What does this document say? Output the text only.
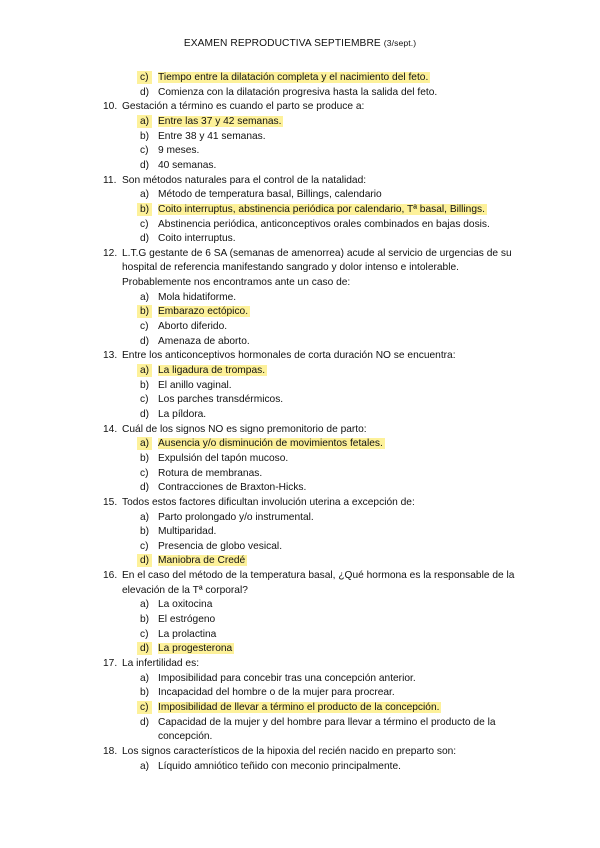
EXAMEN REPRODUCTIVA SEPTIEMBRE (3/sept.)
c) Tiempo entre la dilatación completa y el nacimiento del feto.
d) Comienza con la dilatación progresiva hasta la salida del feto.
10. Gestación a término es cuando el parto se produce a:
a) Entre las 37 y 42 semanas.
b) Entre 38 y 41 semanas.
c) 9 meses.
d) 40 semanas.
11. Son métodos naturales para el control de la natalidad:
a) Método de temperatura basal, Billings, calendario
b) Coito interruptus, abstinencia periódica por calendario, Tª basal, Billings.
c) Abstinencia periódica, anticonceptivos orales combinados en bajas dosis.
d) Coito interruptus.
12. L.T.G gestante de 6 SA (semanas de amenorrea) acude al servicio de urgencias de su
hospital de referencia manifestando sangrado y dolor intenso e intolerable.
Probablemente nos encontramos ante un caso de:
a) Mola hidatiforme.
b) Embarazo ectópico.
c) Aborto diferido.
d) Amenaza de aborto.
13. Entre los anticonceptivos hormonales de corta duración NO se encuentra:
a) La ligadura de trompas.
b) El anillo vaginal.
c) Los parches transdérmicos.
d) La píldora.
14. Cuál de los signos NO es signo premonitorio de parto:
a) Ausencia y/o disminución de movimientos fetales.
b) Expulsión del tapón mucoso.
c) Rotura de membranas.
d) Contracciones de Braxton-Hicks.
15. Todos estos factores dificultan involución uterina a excepción de:
a) Parto prolongado y/o instrumental.
b) Multiparidad.
c) Presencia de globo vesical.
d) Maniobra de Credé
16. En el caso del método de la temperatura basal, ¿Qué hormona es la responsable de la
elevación de la Tª corporal?
a) La oxitocina
b) El estrógeno
c) La prolactina
d) La progesterona
17. La infertilidad es:
a) Imposibilidad para concebir tras una concepción anterior.
b) Incapacidad del hombre o de la mujer para procrear.
c) Imposibilidad de llevar a término el producto de la concepción.
d) Capacidad de la mujer y del hombre para llevar a término el producto de la
concepción.
18. Los signos característicos de la hipoxia del recién nacido en preparto son:
a) Líquido amniótico teñido con meconio principalmente.
